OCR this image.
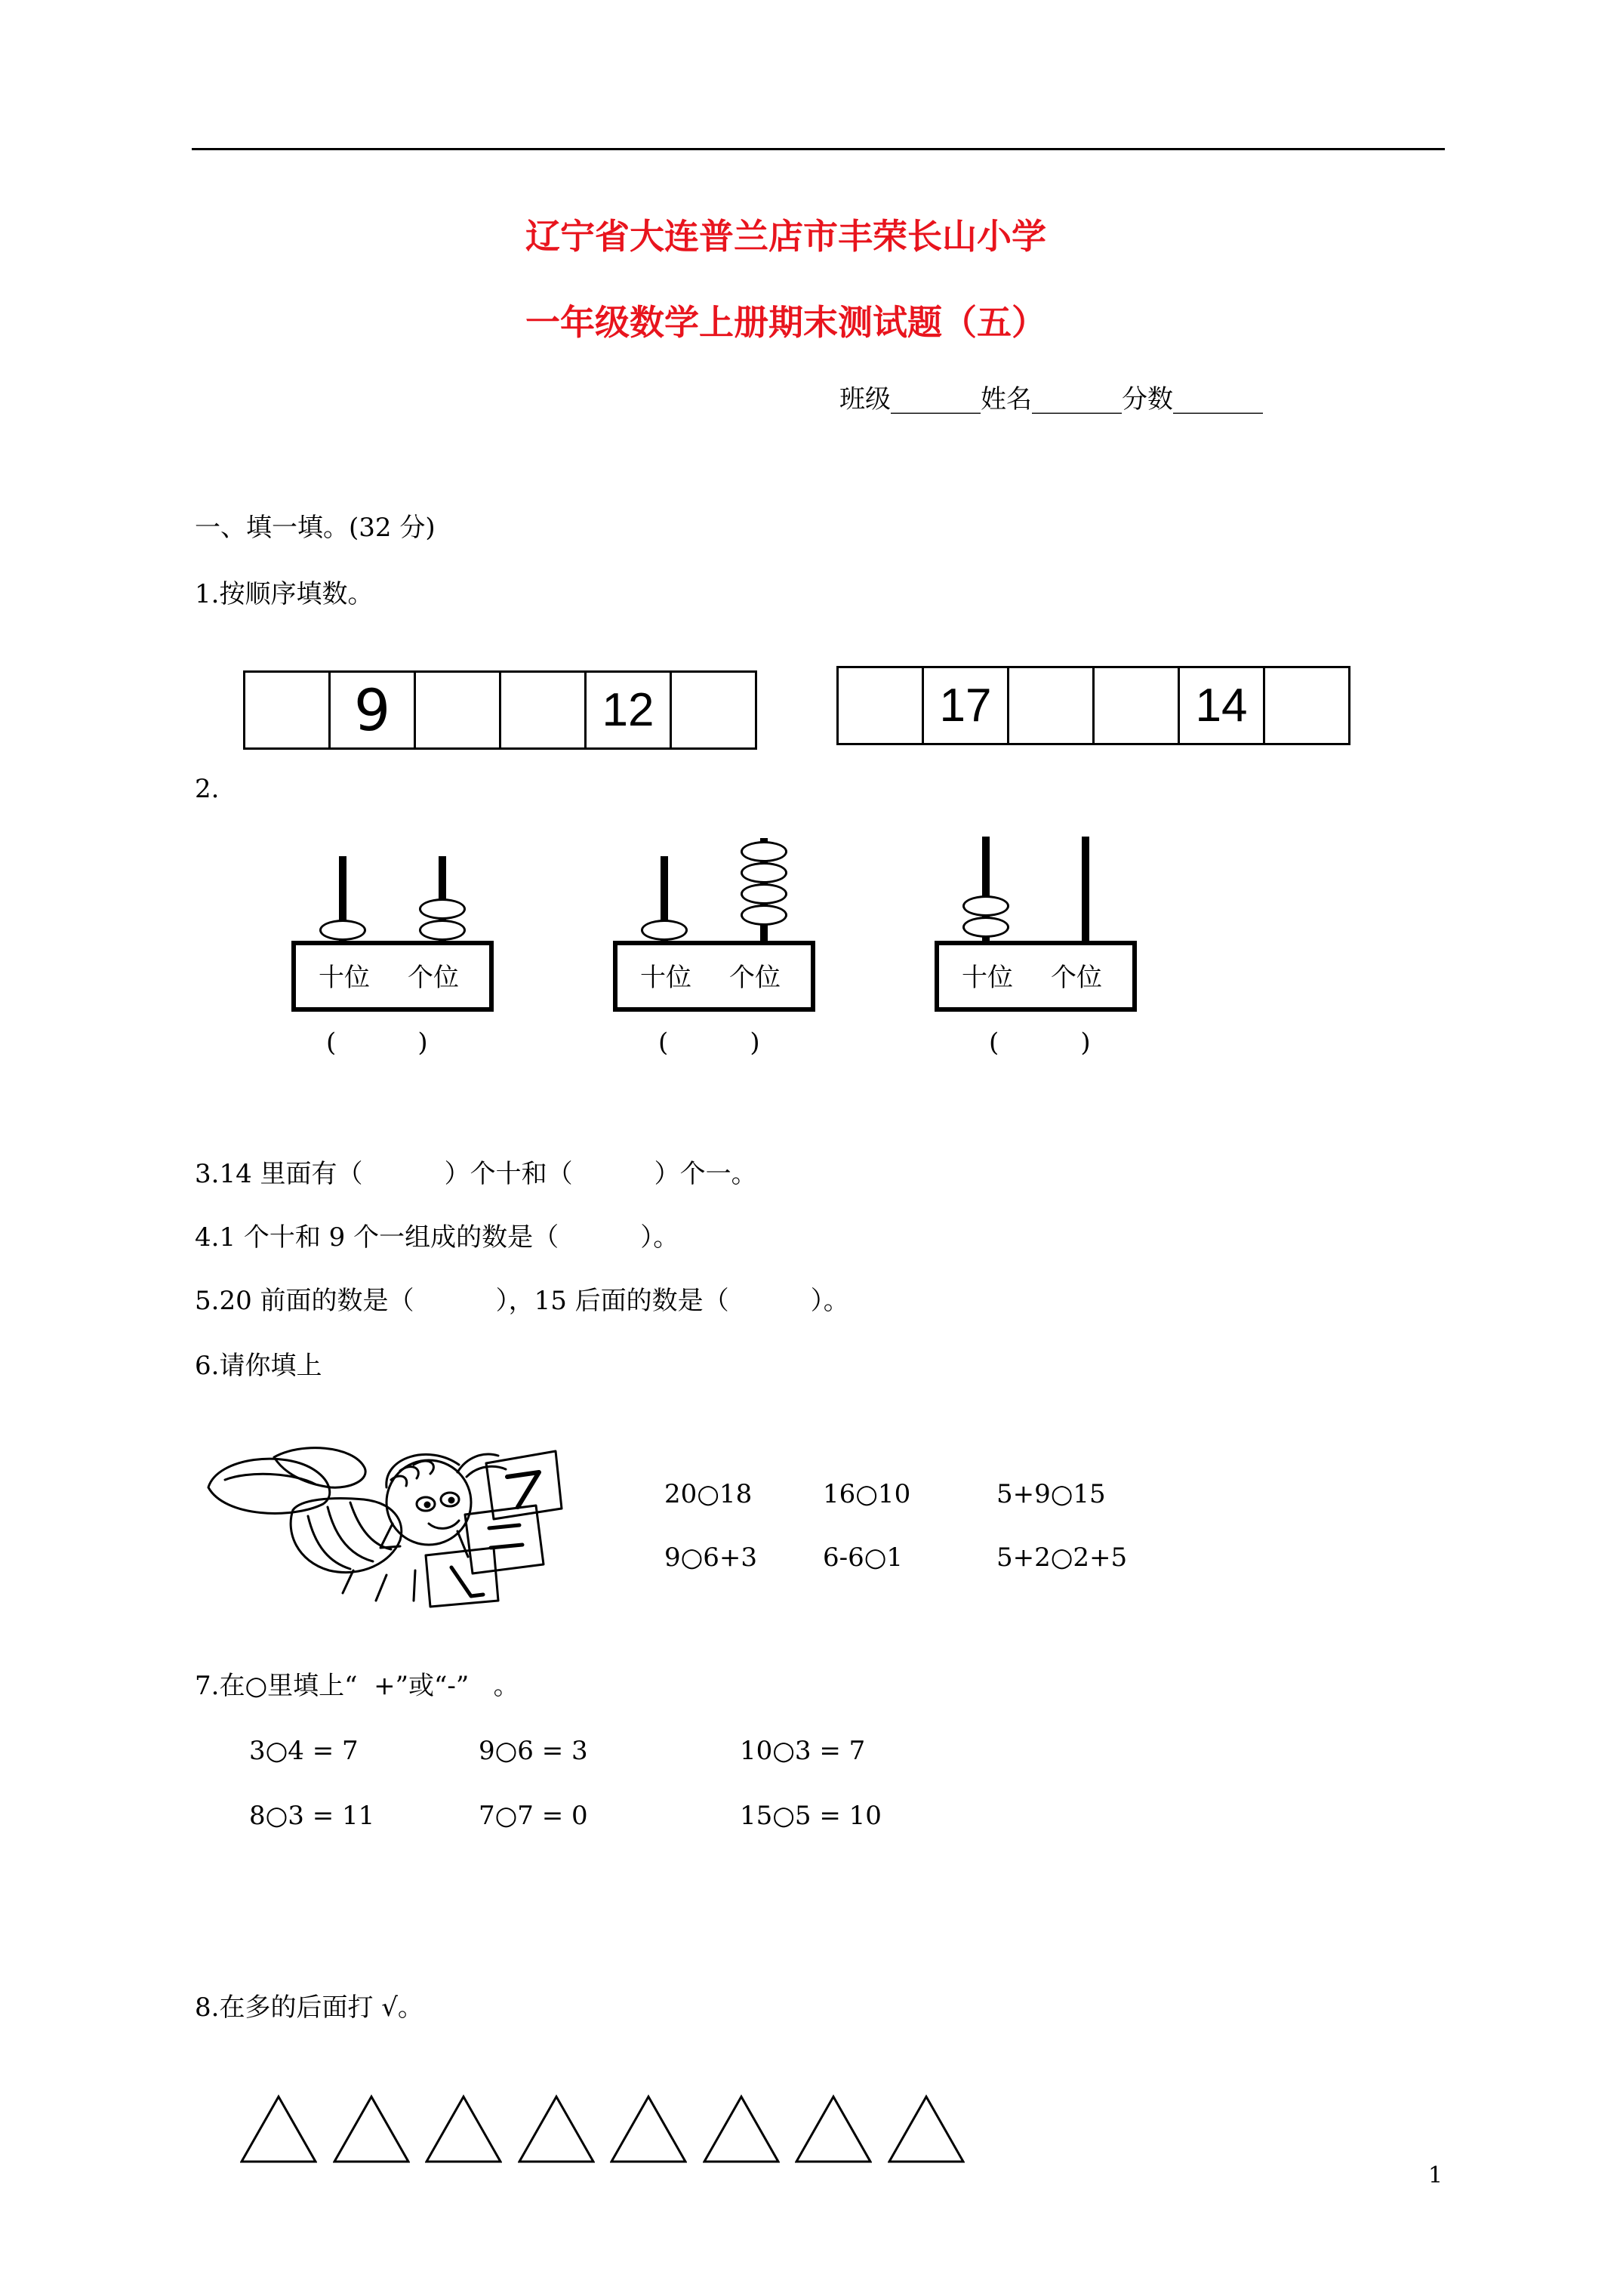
辽宁省大连普兰店市丰荣长山小学
一年级数学上册期末测试题（五）
班级_______姓名_______分数_______
一、填一填。(32 分)
1.按顺序填数。
	9			12	
		17			14	
2.
十位 个位
(          )
十位 个位
(          )
十位 个位
(          )
3.14 里面有（          ）个十和（          ）个一。
4.1 个十和 9 个一组成的数是（          ）。
5.20 前面的数是（          ），15 后面的数是（          ）。
6.请你填上
20○18	16○10	5+9○15
9○6+3	6-6○1	5+2○2+5
7.在○里填上“  +”或“-”   。
3○4 = 7	9○6 = 3	10○3 = 7
8○3 = 11	7○7 = 0	15○5 = 10
8.在多的后面打 √。
1
